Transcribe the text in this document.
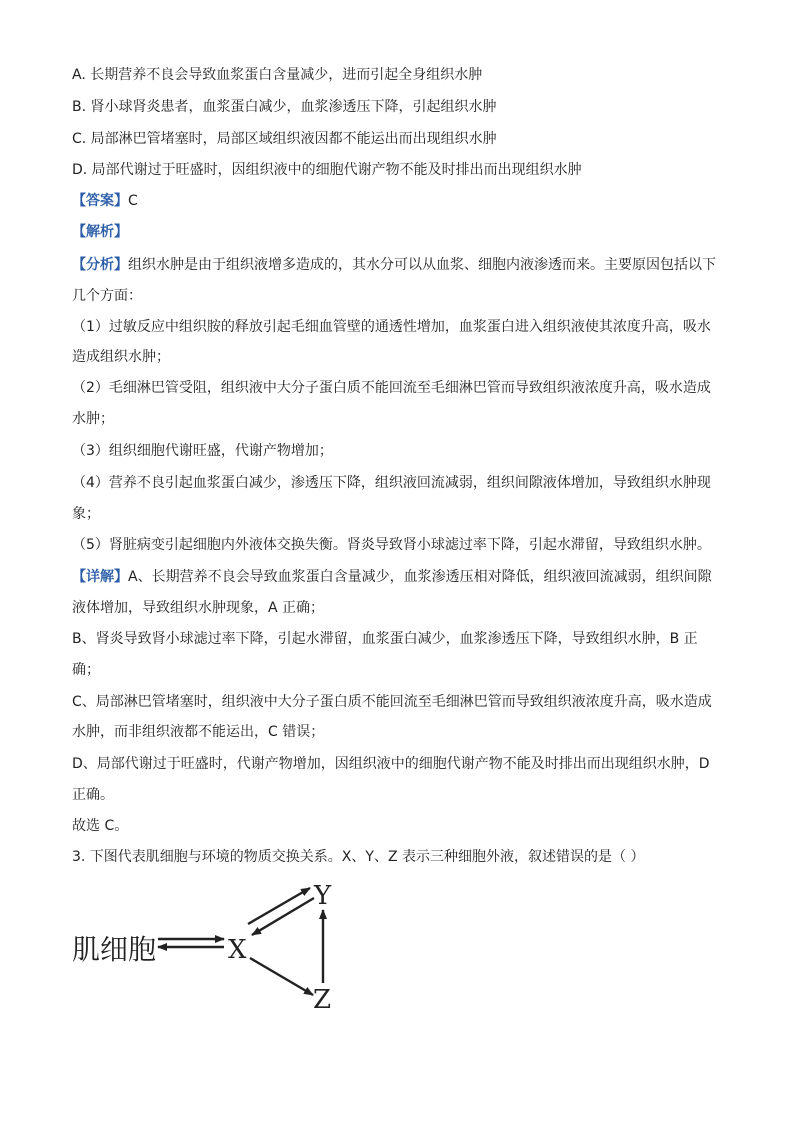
A. 长期营养不良会导致血浆蛋白含量减少，进而引起全身组织水肿
B. 肾小球肾炎患者，血浆蛋白减少，血浆渗透压下降，引起组织水肿
C. 局部淋巴管堵塞时，局部区域组织液因都不能运出而出现组织水肿
D. 局部代谢过于旺盛时，因组织液中的细胞代谢产物不能及时排出而出现组织水肿
【答案】C
【解析】
【分析】组织水肿是由于组织液增多造成的，其水分可以从血浆、细胞内液渗透而来。主要原因包括以下
几个方面：
（1）过敏反应中组织胺的释放引起毛细血管壁的通透性增加，血浆蛋白进入组织液使其浓度升高，吸水
造成组织水肿；
（2）毛细淋巴管受阻，组织液中大分子蛋白质不能回流至毛细淋巴管而导致组织液浓度升高，吸水造成
水肿；
（3）组织细胞代谢旺盛，代谢产物增加；
（4）营养不良引起血浆蛋白减少，渗透压下降，组织液回流减弱，组织间隙液体增加，导致组织水肿现
象；
（5）肾脏病变引起细胞内外液体交换失衡。肾炎导致肾小球滤过率下降，引起水滞留，导致组织水肿。
【详解】A、长期营养不良会导致血浆蛋白含量减少，血浆渗透压相对降低，组织液回流减弱，组织间隙
液体增加，导致组织水肿现象，A 正确；
B、肾炎导致肾小球滤过率下降，引起水滞留，血浆蛋白减少，血浆渗透压下降，导致组织水肿，B 正
确；
C、局部淋巴管堵塞时，组织液中大分子蛋白质不能回流至毛细淋巴管而导致组织液浓度升高，吸水造成
水肿，而非组织液都不能运出，C 错误；
D、局部代谢过于旺盛时，代谢产物增加，因组织液中的细胞代谢产物不能及时排出而出现组织水肿，D
正确。
故选 C。
3. 下图代表肌细胞与环境的物质交换关系。X、Y、Z 表示三种细胞外液，叙述错误的是（ ）
肌细胞	X
Y
Z
